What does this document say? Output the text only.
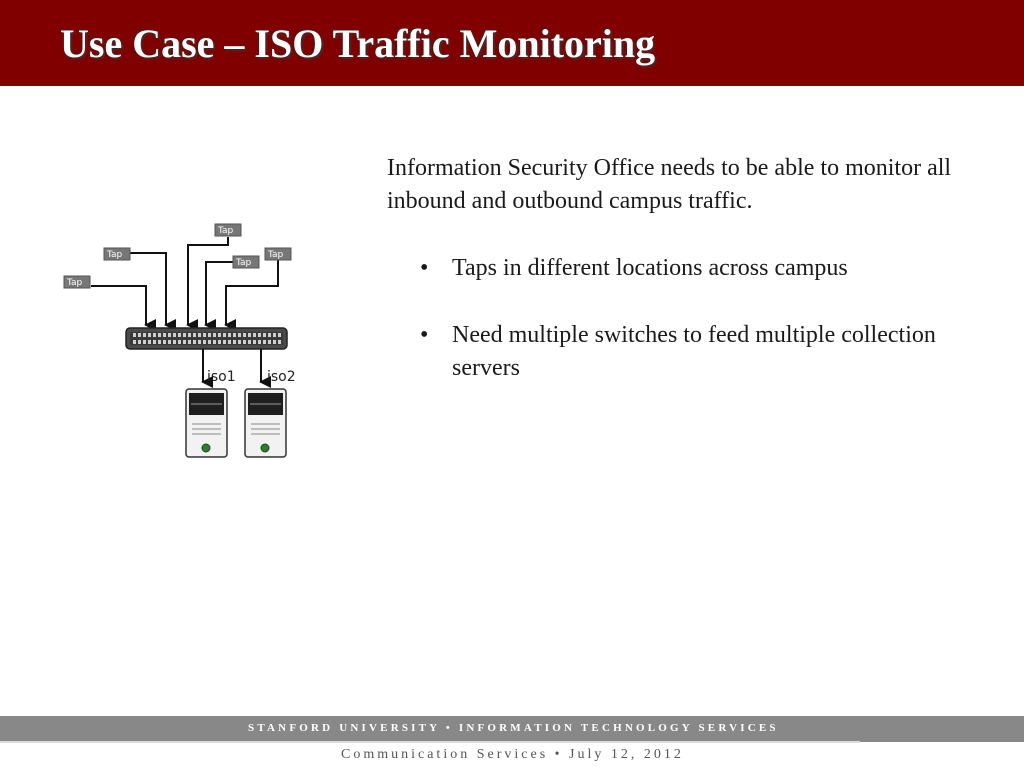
Use Case – ISO Traffic Monitoring
Tap
Tap
Tap
Tap
Tap
iso1 iso2
Information Security Office needs to be able to monitor all inbound and outbound campus traffic.
• Taps in different locations across campus
• Need multiple switches to feed multiple collection servers
STANFORD UNIVERSITY • INFORMATION TECHNOLOGY SERVICES
Communication Services • July 12, 2012
